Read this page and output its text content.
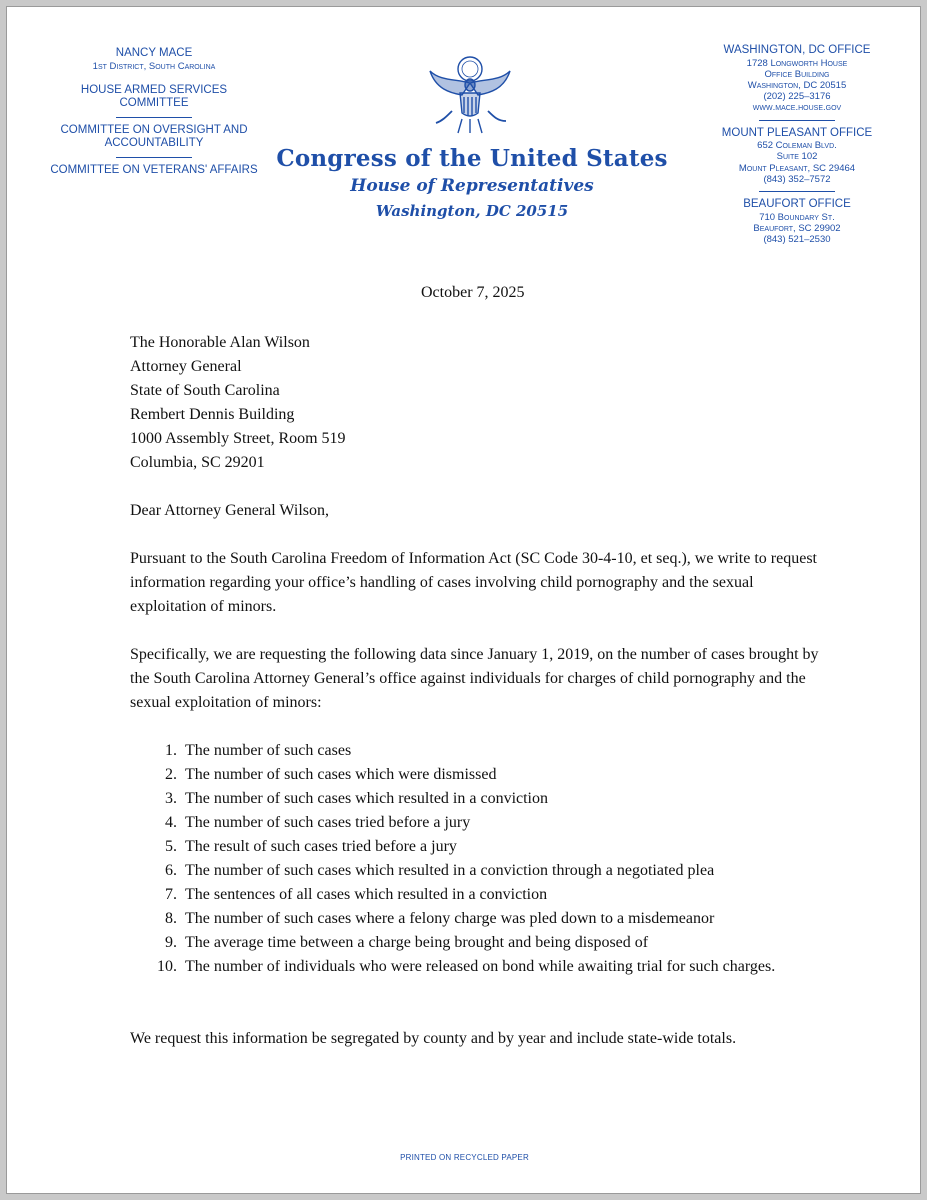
NANCY MACE
1st District, South Carolina
HOUSE ARMED SERVICES COMMITTEE
COMMITTEE ON OVERSIGHT AND ACCOUNTABILITY
COMMITTEE ON VETERANS' AFFAIRS Congress of the United States
House of Representatives
Washington, DC 20515
WASHINGTON, DC OFFICE
1728 Longworth House
Office Building
Washington, DC 20515
(202) 225–3176
www.mace.house.gov
MOUNT PLEASANT OFFICE
652 Coleman Blvd.
Suite 102
Mount Pleasant, SC 29464
(843) 352–7572
BEAUFORT OFFICE
710 Boundary St.
Beaufort, SC 29902
(843) 521–2530
October 7, 2025
The Honorable Alan Wilson
Attorney General
State of South Carolina
Rembert Dennis Building
1000 Assembly Street, Room 519
Columbia, SC 29201
Dear Attorney General Wilson,
Pursuant to the South Carolina Freedom of Information Act (SC Code 30-4-10, et seq.), we write to request information regarding your office’s handling of cases involving child pornography and the sexual exploitation of minors.
Specifically, we are requesting the following data since January 1, 2019, on the number of cases brought by the South Carolina Attorney General’s office against individuals for charges of child pornography and the sexual exploitation of minors:
1. The number of such cases
2. The number of such cases which were dismissed
3. The number of such cases which resulted in a conviction
4. The number of such cases tried before a jury
5. The result of such cases tried before a jury
6. The number of such cases which resulted in a conviction through a negotiated plea
7. The sentences of all cases which resulted in a conviction
8. The number of such cases where a felony charge was pled down to a misdemeanor
9. The average time between a charge being brought and being disposed of
10. The number of individuals who were released on bond while awaiting trial for such charges.
We request this information be segregated by county and by year and include state-wide totals.
PRINTED ON RECYCLED PAPER
